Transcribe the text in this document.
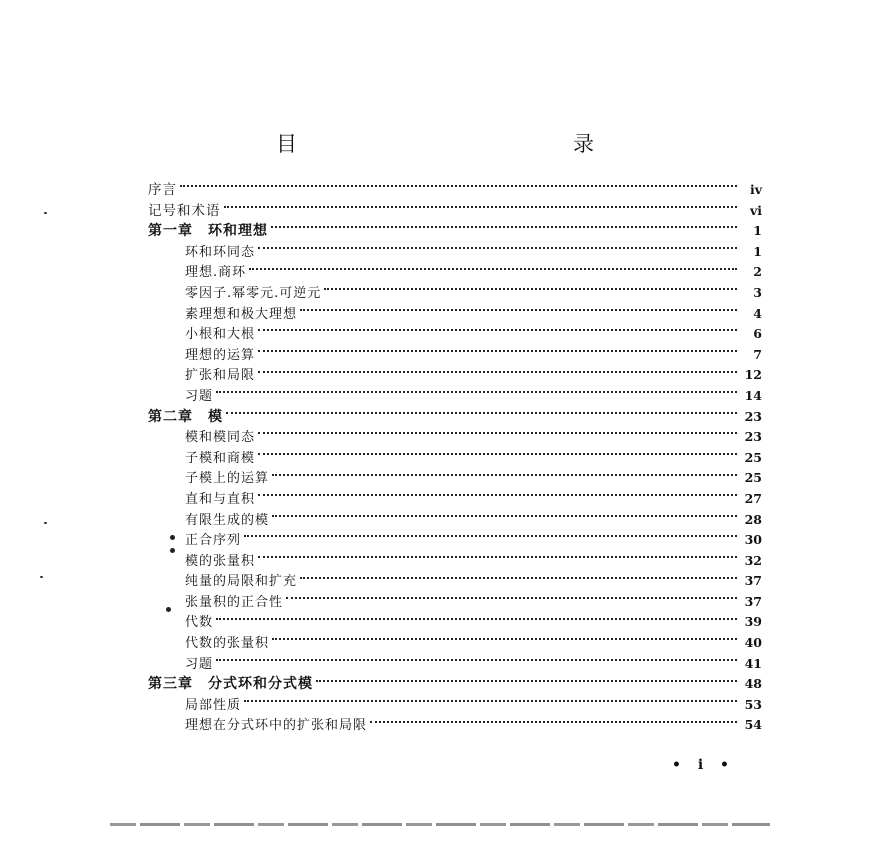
目　　录
序言	iv
记号和术语	vi
第一章　环和理想	1
环和环同态	1
理想.商环	2
零因子.幂零元.可逆元	3
素理想和极大理想	4
小根和大根	6
理想的运算	7
扩张和局限	12
习题	14
第二章　模	23
模和模同态	23
子模和商模	25
子模上的运算	25
直和与直积	27
有限生成的模	28
正合序列	30
模的张量积	32
纯量的局限和扩充	37
张量积的正合性	37
代数	39
代数的张量积	40
习题	41
第三章　分式环和分式模	48
局部性质	53
理想在分式环中的扩张和局限	54
• i •
